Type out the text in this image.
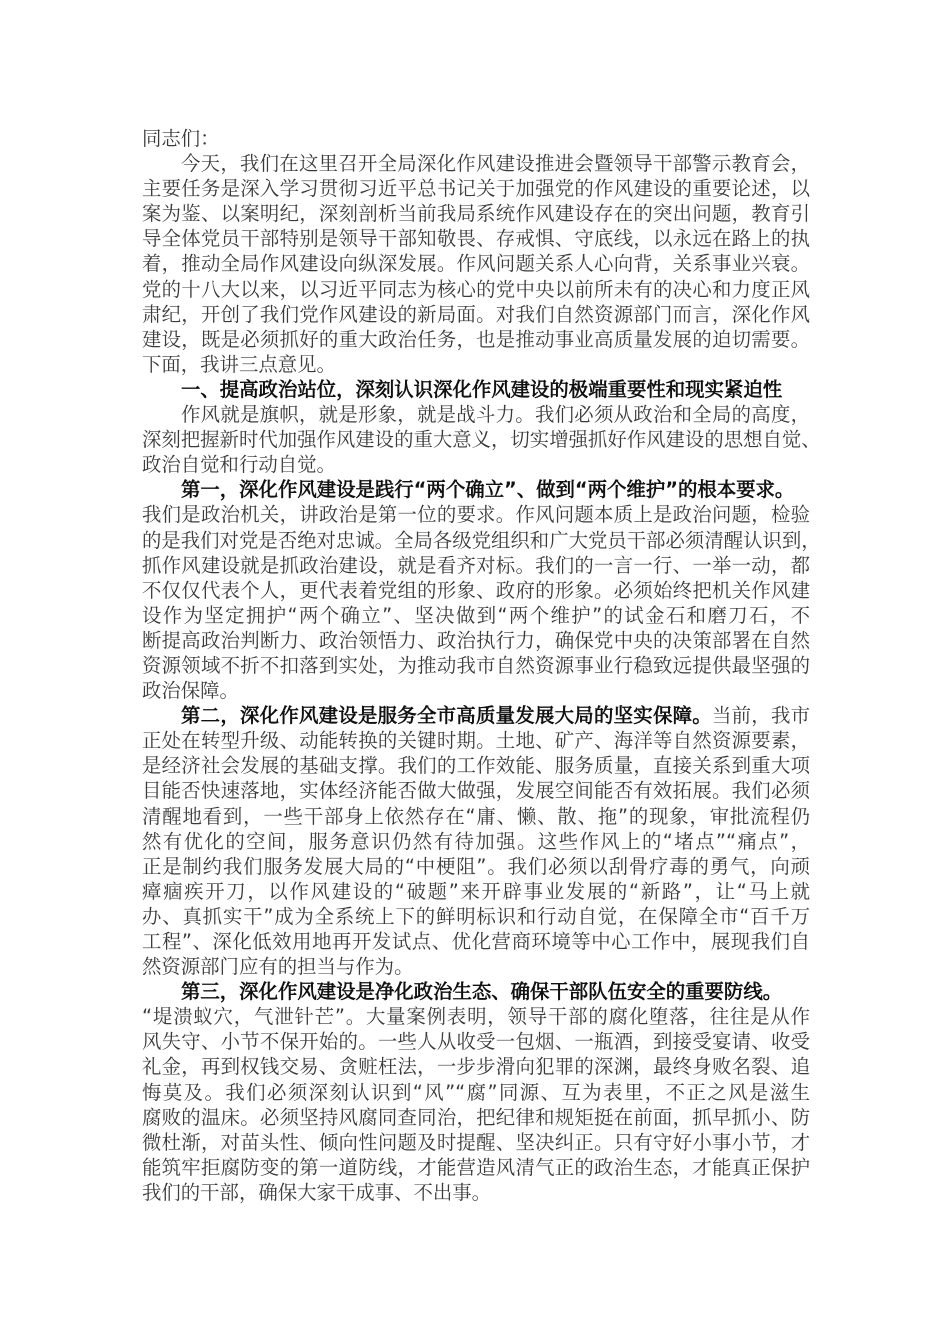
同志们：
今天，我们在这里召开全局深化作风建设推进会暨领导干部警示教育会，
主要任务是深入学习贯彻习近平总书记关于加强党的作风建设的重要论述，以
案为鉴、以案明纪，深刻剖析当前我局系统作风建设存在的突出问题，教育引
导全体党员干部特别是领导干部知敬畏、存戒惧、守底线，以永远在路上的执
着，推动全局作风建设向纵深发展。作风问题关系人心向背，关系事业兴衰。
党的十八大以来，以习近平同志为核心的党中央以前所未有的决心和力度正风
肃纪，开创了我们党作风建设的新局面。对我们自然资源部门而言，深化作风
建设，既是必须抓好的重大政治任务，也是推动事业高质量发展的迫切需要。
下面，我讲三点意见。
一、提高政治站位，深刻认识深化作风建设的极端重要性和现实紧迫性
作风就是旗帜，就是形象，就是战斗力。我们必须从政治和全局的高度，
深刻把握新时代加强作风建设的重大意义，切实增强抓好作风建设的思想自觉、
政治自觉和行动自觉。
第一，深化作风建设是践行“两个确立”、做到“两个维护”的根本要求。
我们是政治机关，讲政治是第一位的要求。作风问题本质上是政治问题，检验
的是我们对党是否绝对忠诚。全局各级党组织和广大党员干部必须清醒认识到，
抓作风建设就是抓政治建设，就是看齐对标。我们的一言一行、一举一动，都
不仅仅代表个人，更代表着党组的形象、政府的形象。必须始终把机关作风建
设作为坚定拥护“两个确立”、坚决做到“两个维护”的试金石和磨刀石，不
断提高政治判断力、政治领悟力、政治执行力，确保党中央的决策部署在自然
资源领域不折不扣落到实处，为推动我市自然资源事业行稳致远提供最坚强的
政治保障。
第二，深化作风建设是服务全市高质量发展大局的坚实保障。当前，我市
正处在转型升级、动能转换的关键时期。土地、矿产、海洋等自然资源要素，
是经济社会发展的基础支撑。我们的工作效能、服务质量，直接关系到重大项
目能否快速落地，实体经济能否做大做强，发展空间能否有效拓展。我们必须
清醒地看到，一些干部身上依然存在“庸、懒、散、拖”的现象，审批流程仍
然有优化的空间，服务意识仍然有待加强。这些作风上的“堵点”“痛点”，
正是制约我们服务发展大局的“中梗阻”。我们必须以刮骨疗毒的勇气，向顽
瘴痼疾开刀，以作风建设的“破题”来开辟事业发展的“新路”，让“马上就
办、真抓实干”成为全系统上下的鲜明标识和行动自觉，在保障全市“百千万
工程”、深化低效用地再开发试点、优化营商环境等中心工作中，展现我们自
然资源部门应有的担当与作为。
第三，深化作风建设是净化政治生态、确保干部队伍安全的重要防线。
“堤溃蚁穴，气泄针芒”。大量案例表明，领导干部的腐化堕落，往往是从作
风失守、小节不保开始的。一些人从收受一包烟、一瓶酒，到接受宴请、收受
礼金，再到权钱交易、贪赃枉法，一步步滑向犯罪的深渊，最终身败名裂、追
悔莫及。我们必须深刻认识到“风”“腐”同源、互为表里，不正之风是滋生
腐败的温床。必须坚持风腐同查同治，把纪律和规矩挺在前面，抓早抓小、防
微杜渐，对苗头性、倾向性问题及时提醒、坚决纠正。只有守好小事小节，才
能筑牢拒腐防变的第一道防线，才能营造风清气正的政治生态，才能真正保护
我们的干部，确保大家干成事、不出事。
